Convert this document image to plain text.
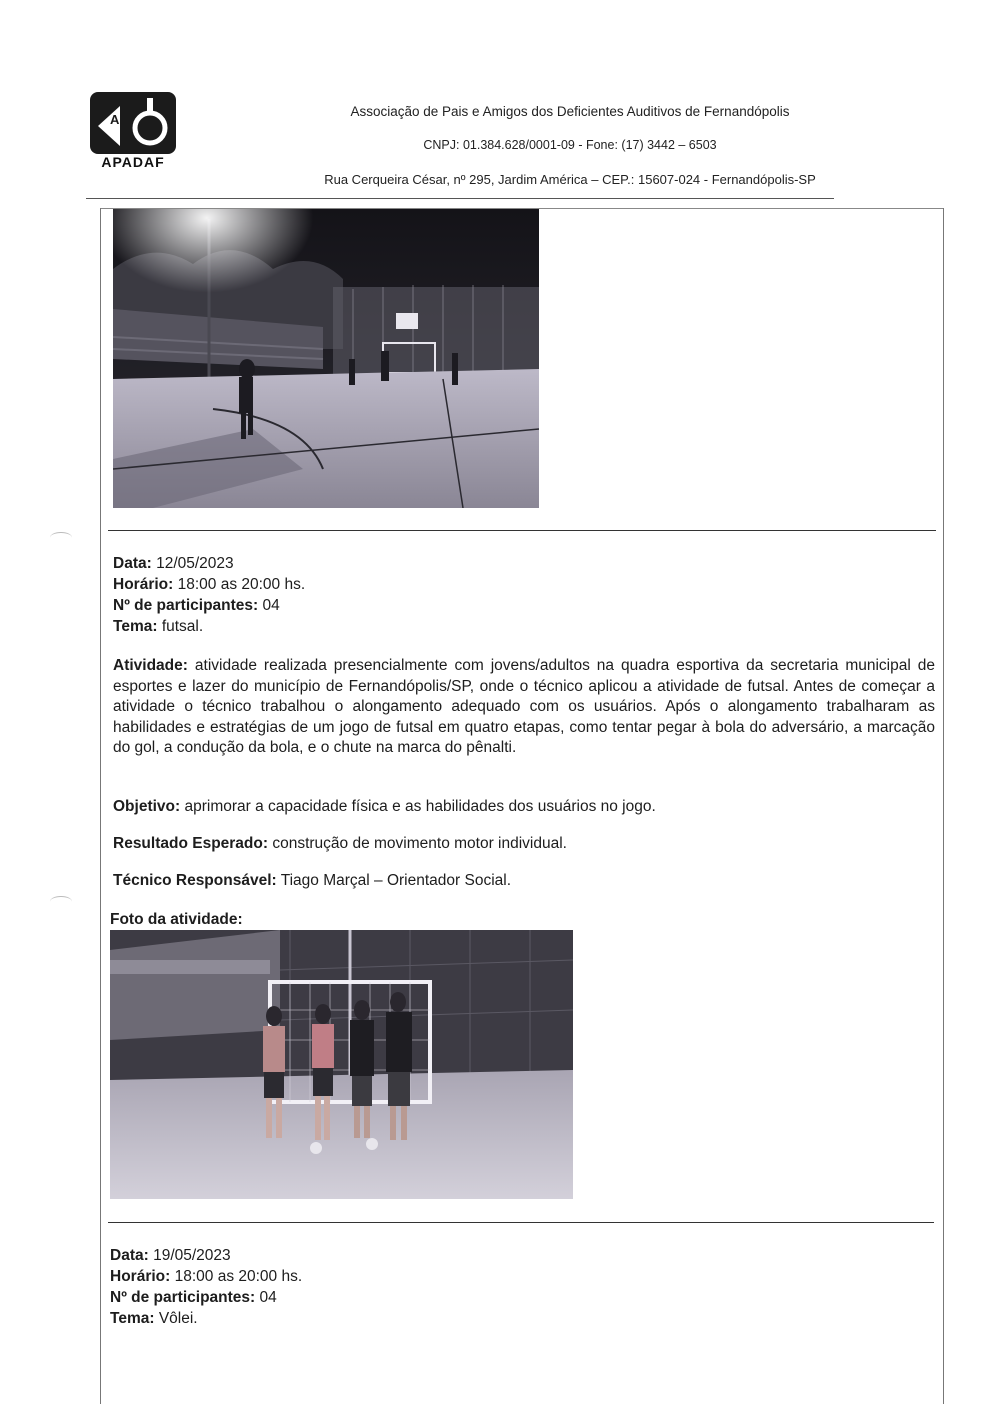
A
APADAF
Associação de Pais e Amigos dos Deficientes Auditivos de Fernandópolis
CNPJ: 01.384.628/0001-09 - Fone: (17) 3442 – 6503
Rua Cerqueira César, nº 295, Jardim América – CEP.: 15607-024 - Fernandópolis-SP
Data: 12/05/2023
Horário: 18:00 as 20:00 hs.
Nº de participantes: 04
Tema: futsal.
Atividade: atividade realizada presencialmente com jovens/adultos na quadra esportiva da secretaria municipal de esportes e lazer do município de Fernandópolis/SP, onde o técnico aplicou a atividade de futsal. Antes de começar a atividade o técnico trabalhou o alongamento adequado com os usuários. Após o alongamento trabalharam as habilidades e estratégias de um jogo de futsal em quatro etapas, como tentar pegar à bola do adversário, a marcação do gol, a condução da bola, e o chute na marca do pênalti.
Objetivo: aprimorar a capacidade física e as habilidades dos usuários no jogo.
Resultado Esperado: construção de movimento motor individual.
Técnico Responsável: Tiago Marçal – Orientador Social.
Foto da atividade:
Data: 19/05/2023
Horário: 18:00 as 20:00 hs.
Nº de participantes: 04
Tema: Vôlei.
